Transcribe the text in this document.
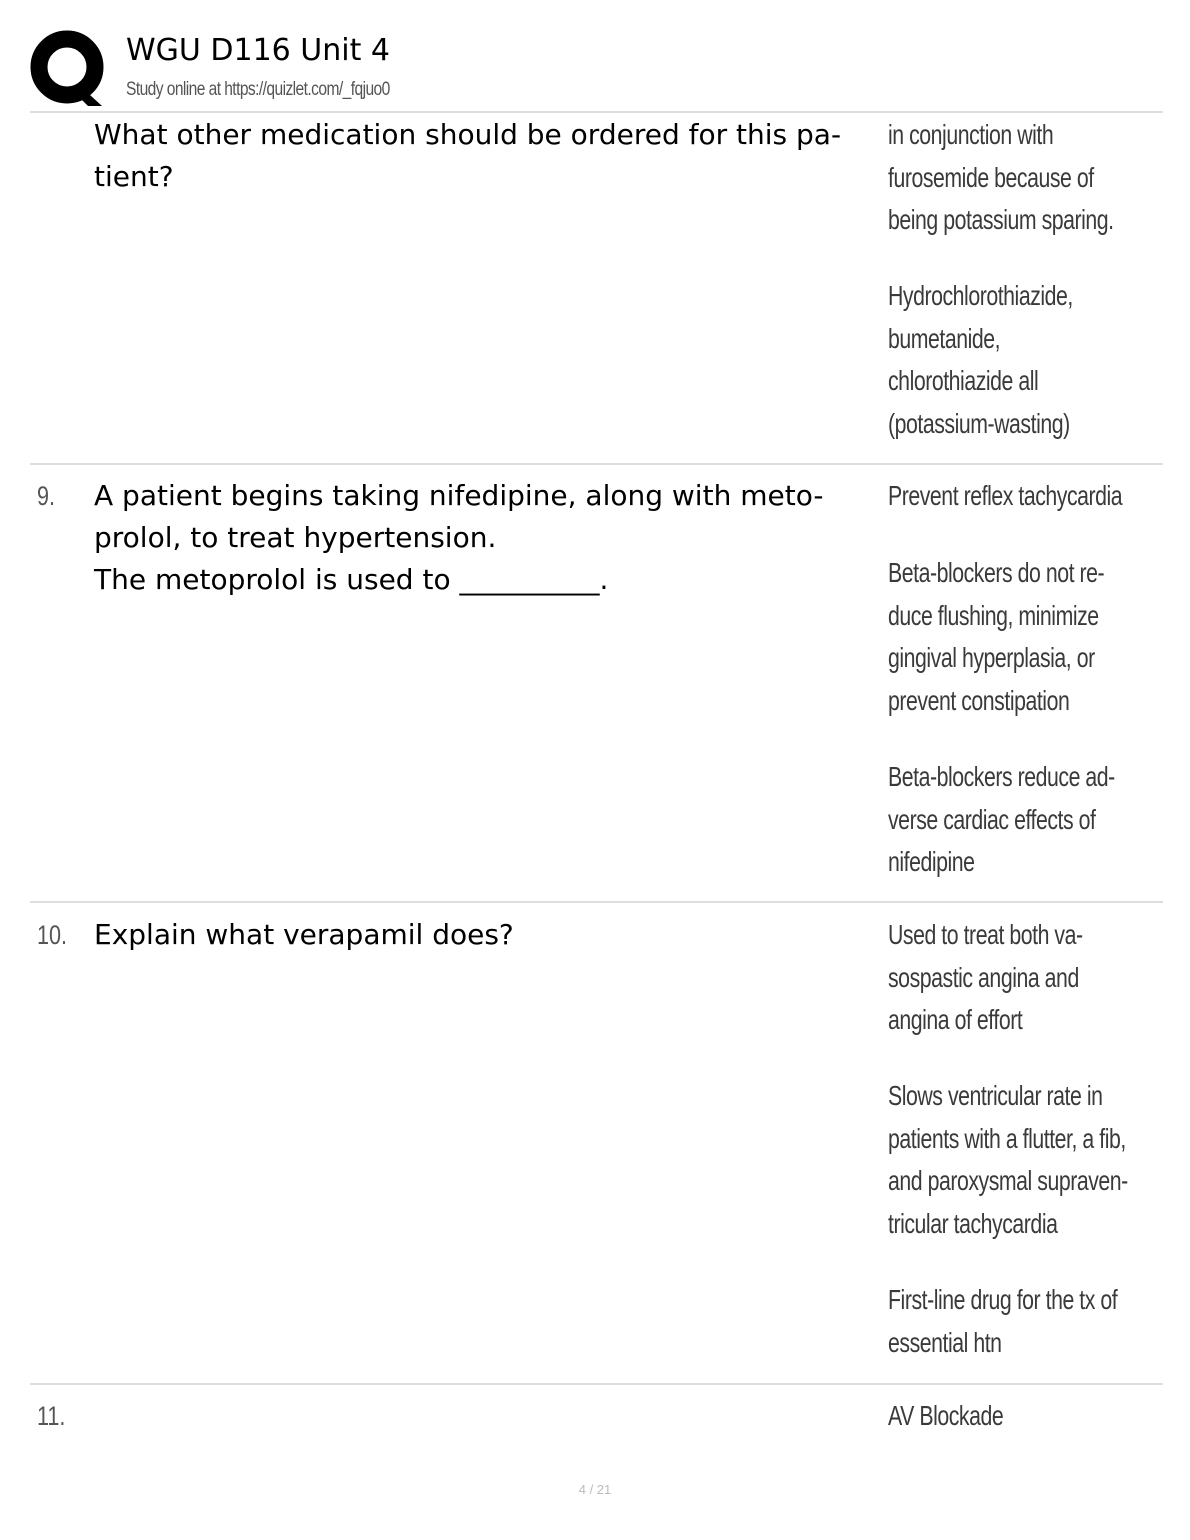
WGU D116 Unit 4
Study online at https://quizlet.com/_fqjuo0
What other medication should be ordered for this pa-
tient?
in conjunction with
furosemide because of
being potassium sparing.
Hydrochlorothiazide,
bumetanide,
chlorothiazide all
(potassium-wasting)
9. A patient begins taking nifedipine, along with meto-
prolol, to treat hypertension.
The metoprolol is used to __________.
Prevent reflex tachycardia
Beta-blockers do not re-
duce flushing, minimize
gingival hyperplasia, or
prevent constipation
Beta-blockers reduce ad-
verse cardiac effects of
nifedipine
10. Explain what verapamil does?	Used to treat both va-
sospastic angina and
angina of effort
Slows ventricular rate in
patients with a flutter, a fib,
and paroxysmal supraven-
tricular tachycardia
First-line drug for the tx of
essential htn
11.	AV Blockade
4 / 21
